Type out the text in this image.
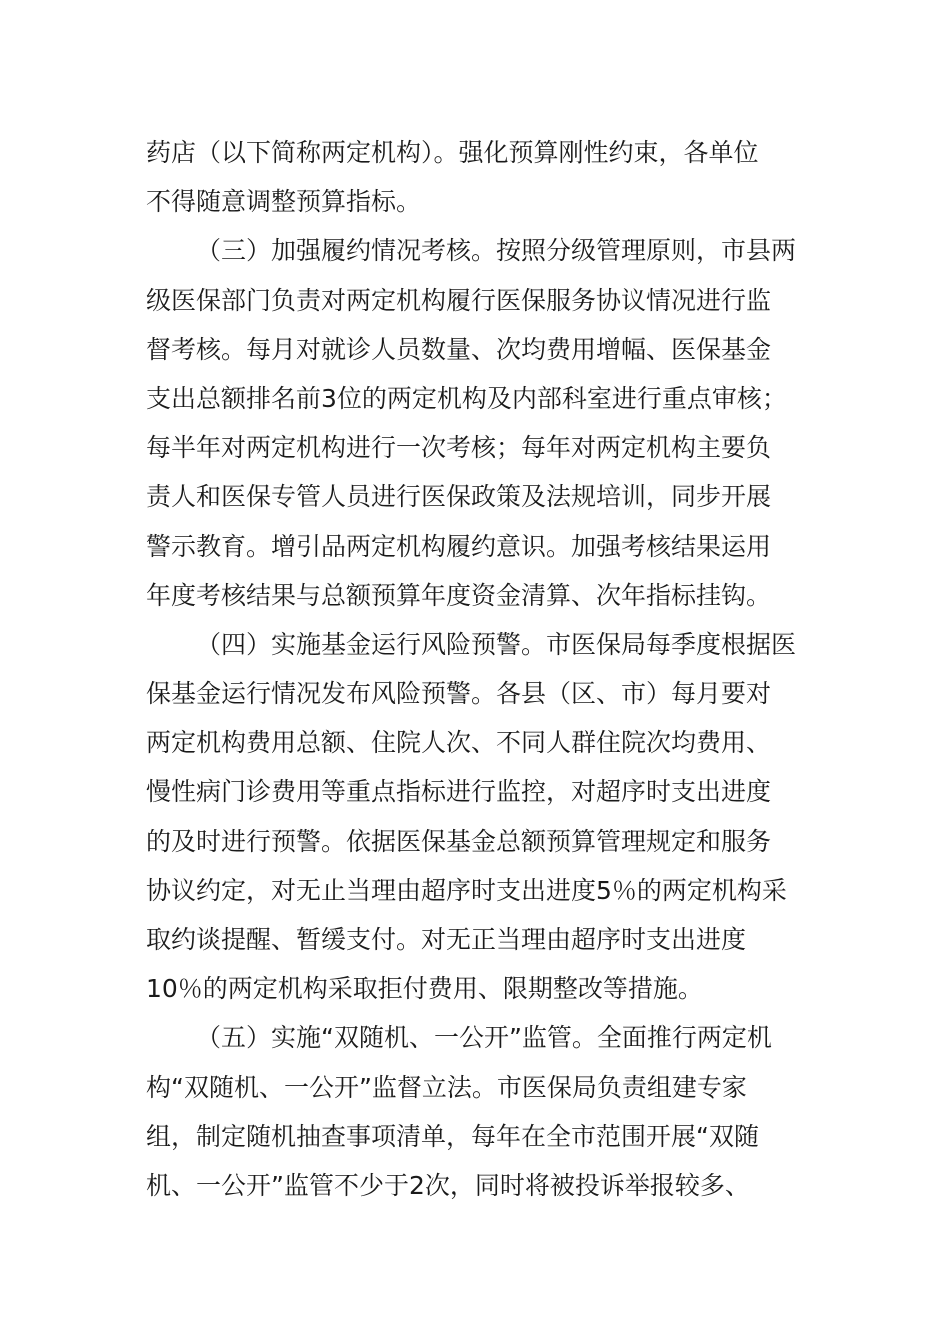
药店（以下简称两定机构）。强化预算刚性约束，各单位
不得随意调整预算指标。
（三）加强履约情况考核。按照分级管理原则，市县两
级医保部门负责对两定机构履行医保服务协议情况进行监
督考核。每月对就诊人员数量、次均费用增幅、医保基金
支出总额排名前3位的两定机构及内部科室进行重点审核；
每半年对两定机构进行一次考核；每年对两定机构主要负
责人和医保专管人员进行医保政策及法规培训，同步开展
警示教育。增引品两定机构履约意识。加强考核结果运用
年度考核结果与总额预算年度资金清算、次年指标挂钩。
（四）实施基金运行风险预警。市医保局每季度根据医
保基金运行情况发布风险预警。各县（区、市）每月要对
两定机构费用总额、住院人次、不同人群住院次均费用、
慢性病门诊费用等重点指标进行监控，对超序时支出进度
的及时进行预警。依据医保基金总额预算管理规定和服务
协议约定，对无止当理由超序时支出进度5％的两定机构采
取约谈提醒、暂缓支付。对无正当理由超序时支出进度
10％的两定机构采取拒付费用、限期整改等措施。
（五）实施“双随机、一公开”监管。全面推行两定机
构“双随机、一公开”监督立法。市医保局负责组建专家
组，制定随机抽查事项清单，每年在全市范围开展“双随
机、一公开”监管不少于2次，同时将被投诉举报较多、
